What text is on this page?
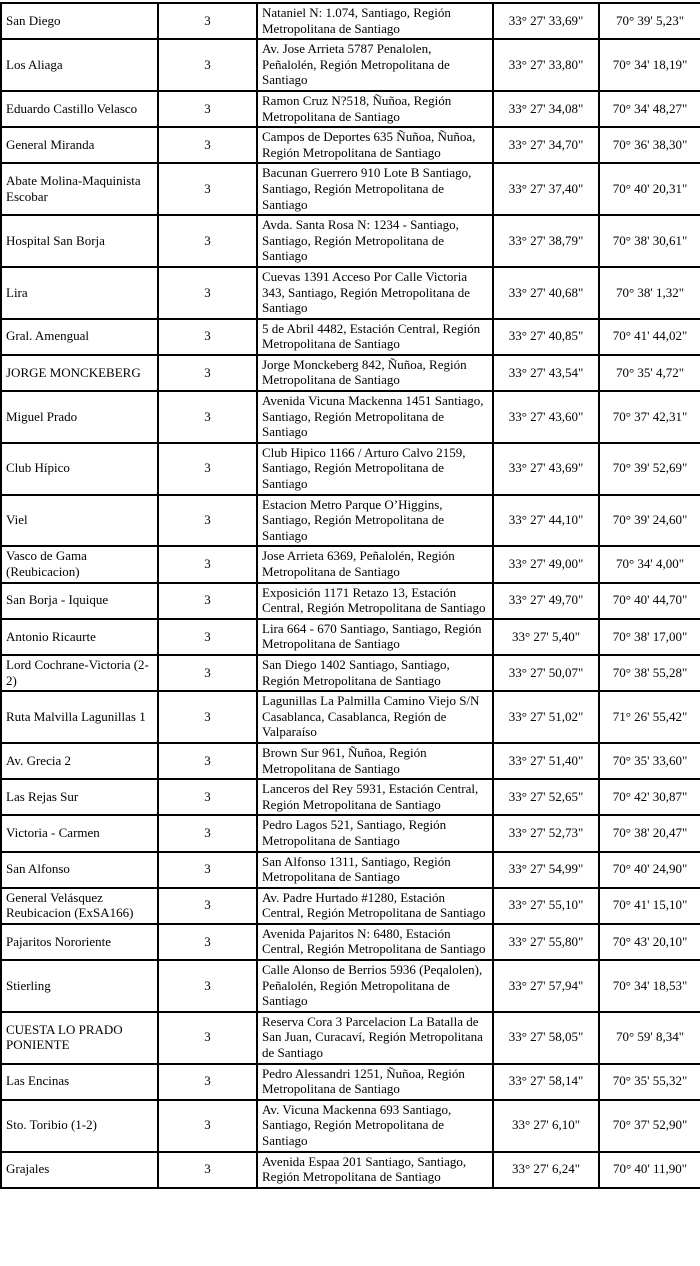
San Diego	3	Nataniel N: 1.074, Santiago, Región Metropolitana de Santiago	33° 27' 33,69"	70° 39' 5,23"
Los Aliaga	3	Av. Jose Arrieta 5787 Penalolen, Peñalolén, Región Metropolitana de Santiago	33° 27' 33,80"	70° 34' 18,19"
Eduardo Castillo Velasco	3	Ramon Cruz N?518, Ñuñoa, Región Metropolitana de Santiago	33° 27' 34,08"	70° 34' 48,27"
General Miranda	3	Campos de Deportes 635 Ñuñoa, Ñuñoa, Región Metropolitana de Santiago	33° 27' 34,70"	70° 36' 38,30"
Abate Molina-Maquinista Escobar	3	Bacunan Guerrero 910 Lote B Santiago, Santiago, Región Metropolitana de Santiago	33° 27' 37,40"	70° 40' 20,31"
Hospital San Borja	3	Avda. Santa Rosa N: 1234 - Santiago, Santiago, Región Metropolitana de Santiago	33° 27' 38,79"	70° 38' 30,61"
Lira	3	Cuevas 1391 Acceso Por Calle Victoria 343, Santiago, Región Metropolitana de Santiago	33° 27' 40,68"	70° 38' 1,32"
Gral. Amengual	3	5 de Abril 4482, Estación Central, Región Metropolitana de Santiago	33° 27' 40,85"	70° 41' 44,02"
JORGE MONCKEBERG	3	Jorge Monckeberg 842, Ñuñoa, Región Metropolitana de Santiago	33° 27' 43,54"	70° 35' 4,72"
Miguel Prado	3	Avenida Vicuna Mackenna 1451 Santiago, Santiago, Región Metropolitana de Santiago	33° 27' 43,60"	70° 37' 42,31"
Club Hípico	3	Club Hipico 1166 / Arturo Calvo 2159, Santiago, Región Metropolitana de Santiago	33° 27' 43,69"	70° 39' 52,69"
Viel	3	Estacion Metro Parque O’Higgins, Santiago, Región Metropolitana de Santiago	33° 27' 44,10"	70° 39' 24,60"
Vasco de Gama (Reubicacion)	3	Jose Arrieta 6369, Peñalolén, Región Metropolitana de Santiago	33° 27' 49,00"	70° 34' 4,00"
San Borja - Iquique	3	Exposición 1171 Retazo 13, Estación Central, Región Metropolitana de Santiago	33° 27' 49,70"	70° 40' 44,70"
Antonio Ricaurte	3	Lira 664 - 670 Santiago, Santiago, Región Metropolitana de Santiago	33° 27' 5,40"	70° 38' 17,00"
Lord Cochrane-Victoria (2-2)	3	San Diego 1402 Santiago, Santiago, Región Metropolitana de Santiago	33° 27' 50,07"	70° 38' 55,28"
Ruta Malvilla Lagunillas 1	3	Lagunillas La Palmilla Camino Viejo S/N Casablanca, Casablanca, Región de Valparaíso	33° 27' 51,02"	71° 26' 55,42"
Av. Grecia 2	3	Brown Sur 961, Ñuñoa, Región Metropolitana de Santiago	33° 27' 51,40"	70° 35' 33,60"
Las Rejas Sur	3	Lanceros del Rey 5931, Estación Central, Región Metropolitana de Santiago	33° 27' 52,65"	70° 42' 30,87"
Victoria - Carmen	3	Pedro Lagos 521, Santiago, Región Metropolitana de Santiago	33° 27' 52,73"	70° 38' 20,47"
San Alfonso	3	San Alfonso 1311, Santiago, Región Metropolitana de Santiago	33° 27' 54,99"	70° 40' 24,90"
General Velásquez Reubicacion (ExSA166)	3	Av. Padre Hurtado #1280, Estación Central, Región Metropolitana de Santiago	33° 27' 55,10"	70° 41' 15,10"
Pajaritos Nororiente	3	Avenida Pajaritos N: 6480, Estación Central, Región Metropolitana de Santiago	33° 27' 55,80"	70° 43' 20,10"
Stierling	3	Calle Alonso de Berrios 5936 (Peqalolen), Peñalolén, Región Metropolitana de Santiago	33° 27' 57,94"	70° 34' 18,53"
CUESTA LO PRADO PONIENTE	3	Reserva Cora 3 Parcelacion La Batalla de San Juan, Curacaví, Región Metropolitana de Santiago	33° 27' 58,05"	70° 59' 8,34"
Las Encinas	3	Pedro Alessandri 1251, Ñuñoa, Región Metropolitana de Santiago	33° 27' 58,14"	70° 35' 55,32"
Sto. Toribio (1-2)	3	Av. Vicuna Mackenna 693 Santiago, Santiago, Región Metropolitana de Santiago	33° 27' 6,10"	70° 37' 52,90"
Grajales	3	Avenida Espaa 201 Santiago, Santiago, Región Metropolitana de Santiago	33° 27' 6,24"	70° 40' 11,90"
